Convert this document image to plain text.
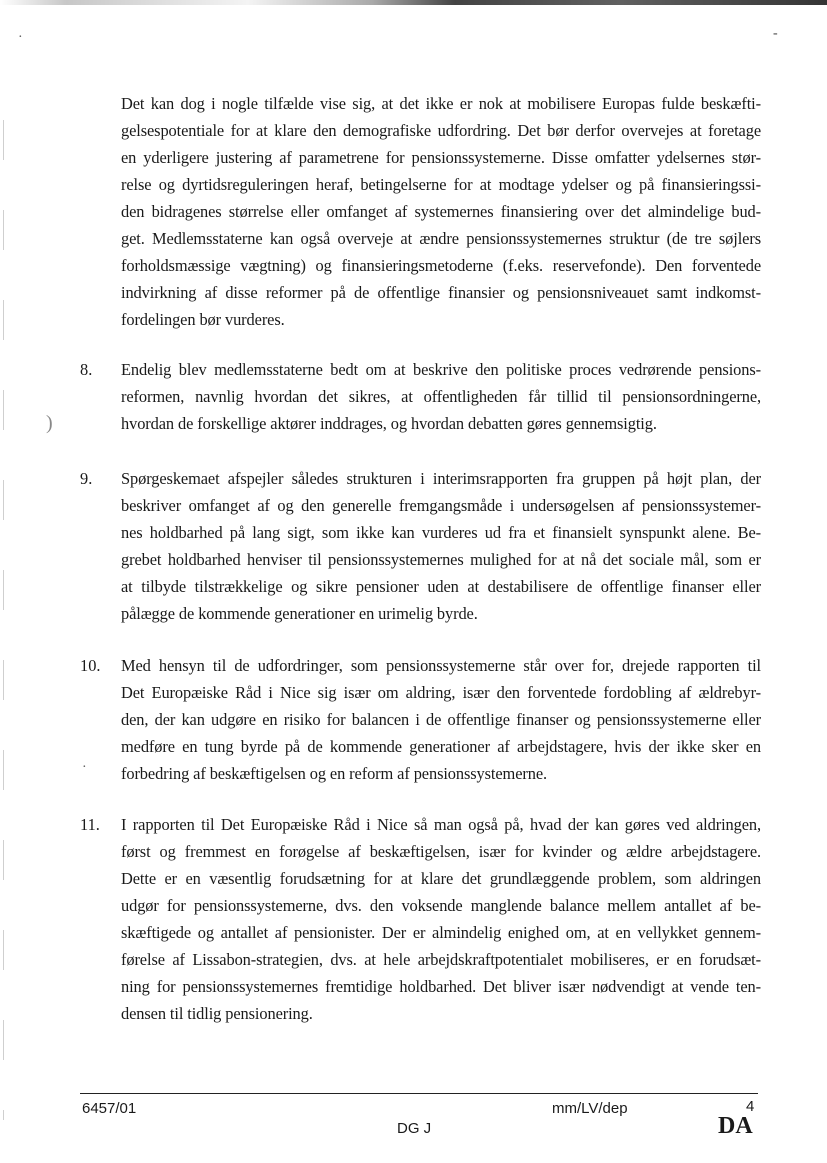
·	-
)
·

Det kan dog i nogle tilfælde vise sig, at det ikke er nok at mobilisere Europas fulde beskæfti-
gelsespotentiale for at klare den demografiske udfordring. Det bør derfor overvejes at foretage
en yderligere justering af parametrene for pensionssystemerne. Disse omfatter ydelsernes stør-
relse og dyrtidsreguleringen heraf, betingelserne for at modtage ydelser og på finansieringssi-
den bidragenes størrelse eller omfanget af systemernes finansiering over det almindelige bud-
get. Medlemsstaterne kan også overveje at ændre pensionssystemernes struktur (de tre søjlers
forholdsmæssige vægtning) og finansieringsmetoderne (f.eks. reservefonde). Den forventede
indvirkning af disse reformer på de offentlige finansier og pensionsniveauet samt indkomst-
fordelingen bør vurderes.

8. Endelig blev medlemsstaterne bedt om at beskrive den politiske proces vedrørende pensions-
reformen, navnlig hvordan det sikres, at offentligheden får tillid til pensionsordningerne,
hvordan de forskellige aktører inddrages, og hvordan debatten gøres gennemsigtig.

9. Spørgeskemaet afspejler således strukturen i interimsrapporten fra gruppen på højt plan, der
beskriver omfanget af og den generelle fremgangsmåde i undersøgelsen af pensionssystemer-
nes holdbarhed på lang sigt, som ikke kan vurderes ud fra et finansielt synspunkt alene. Be-
grebet holdbarhed henviser til pensionssystemernes mulighed for at nå det sociale mål, som er
at tilbyde tilstrækkelige og sikre pensioner uden at destabilisere de offentlige finanser eller
pålægge de kommende generationer en urimelig byrde.

10. Med hensyn til de udfordringer, som pensionssystemerne står over for, drejede rapporten til
Det Europæiske Råd i Nice sig især om aldring, især den forventede fordobling af ældrebyr-
den, der kan udgøre en risiko for balancen i de offentlige finanser og pensionssystemerne eller
medføre en tung byrde på de kommende generationer af arbejdstagere, hvis der ikke sker en
forbedring af beskæftigelsen og en reform af pensionssystemerne.

11. I rapporten til Det Europæiske Råd i Nice så man også på, hvad der kan gøres ved aldringen,
først og fremmest en forøgelse af beskæftigelsen, især for kvinder og ældre arbejdstagere.
Dette er en væsentlig forudsætning for at klare det grundlæggende problem, som aldringen
udgør for pensionssystemerne, dvs. den voksende manglende balance mellem antallet af be-
skæftigede og antallet af pensionister. Der er almindelig enighed om, at en vellykket gennem-
førelse af Lissabon-strategien, dvs. at hele arbejdskraftpotentialet mobiliseres, er en forudsæt-
ning for pensionssystemernes fremtidige holdbarhed. Det bliver især nødvendigt at vende ten-
densen til tidlig pensionering.

6457/01	mm/LV/dep	4
DG J	DA
